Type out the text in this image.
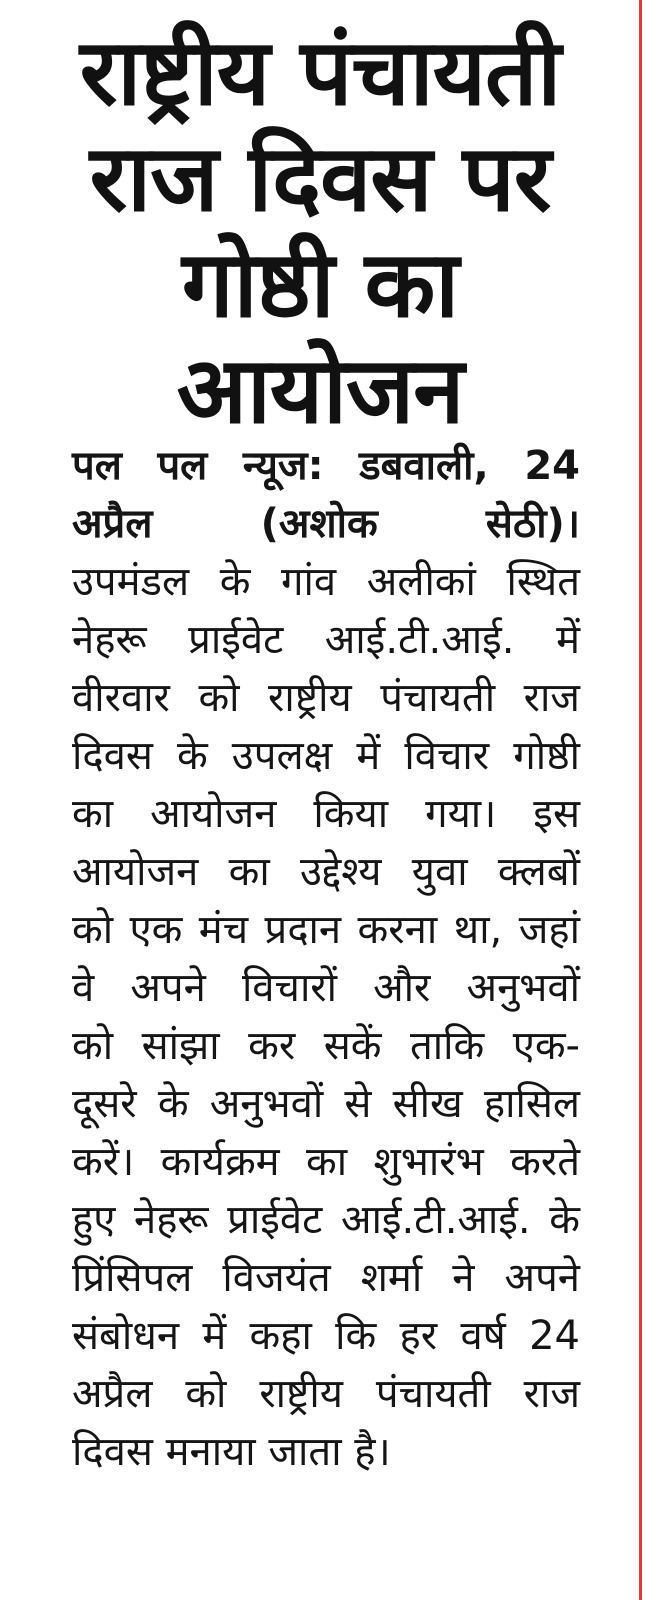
राष्ट्रीय पंचायती
राज दिवस पर
गोष्ठी का
आयोजन
पल पल न्यूज: डबवाली, 24
अप्रैल (अशोक सेठी)।
उपमंडल के गांव अलीकां स्थित
नेहरू प्राईवेट आई.टी.आई. में
वीरवार को राष्ट्रीय पंचायती राज
दिवस के उपलक्ष में विचार गोष्ठी
का आयोजन किया गया। इस
आयोजन का उद्देश्य युवा क्लबों
को एक मंच प्रदान करना था, जहां
वे अपने विचारों और अनुभवों
को सांझा कर सकें ताकि एक-
दूसरे के अनुभवों से सीख हासिल
करें। कार्यक्रम का शुभारंभ करते
हुए नेहरू प्राईवेट आई.टी.आई. के
प्रिंसिपल विजयंत शर्मा ने अपने
संबोधन में कहा कि हर वर्ष 24
अप्रैल को राष्ट्रीय पंचायती राज
दिवस मनाया जाता है।
